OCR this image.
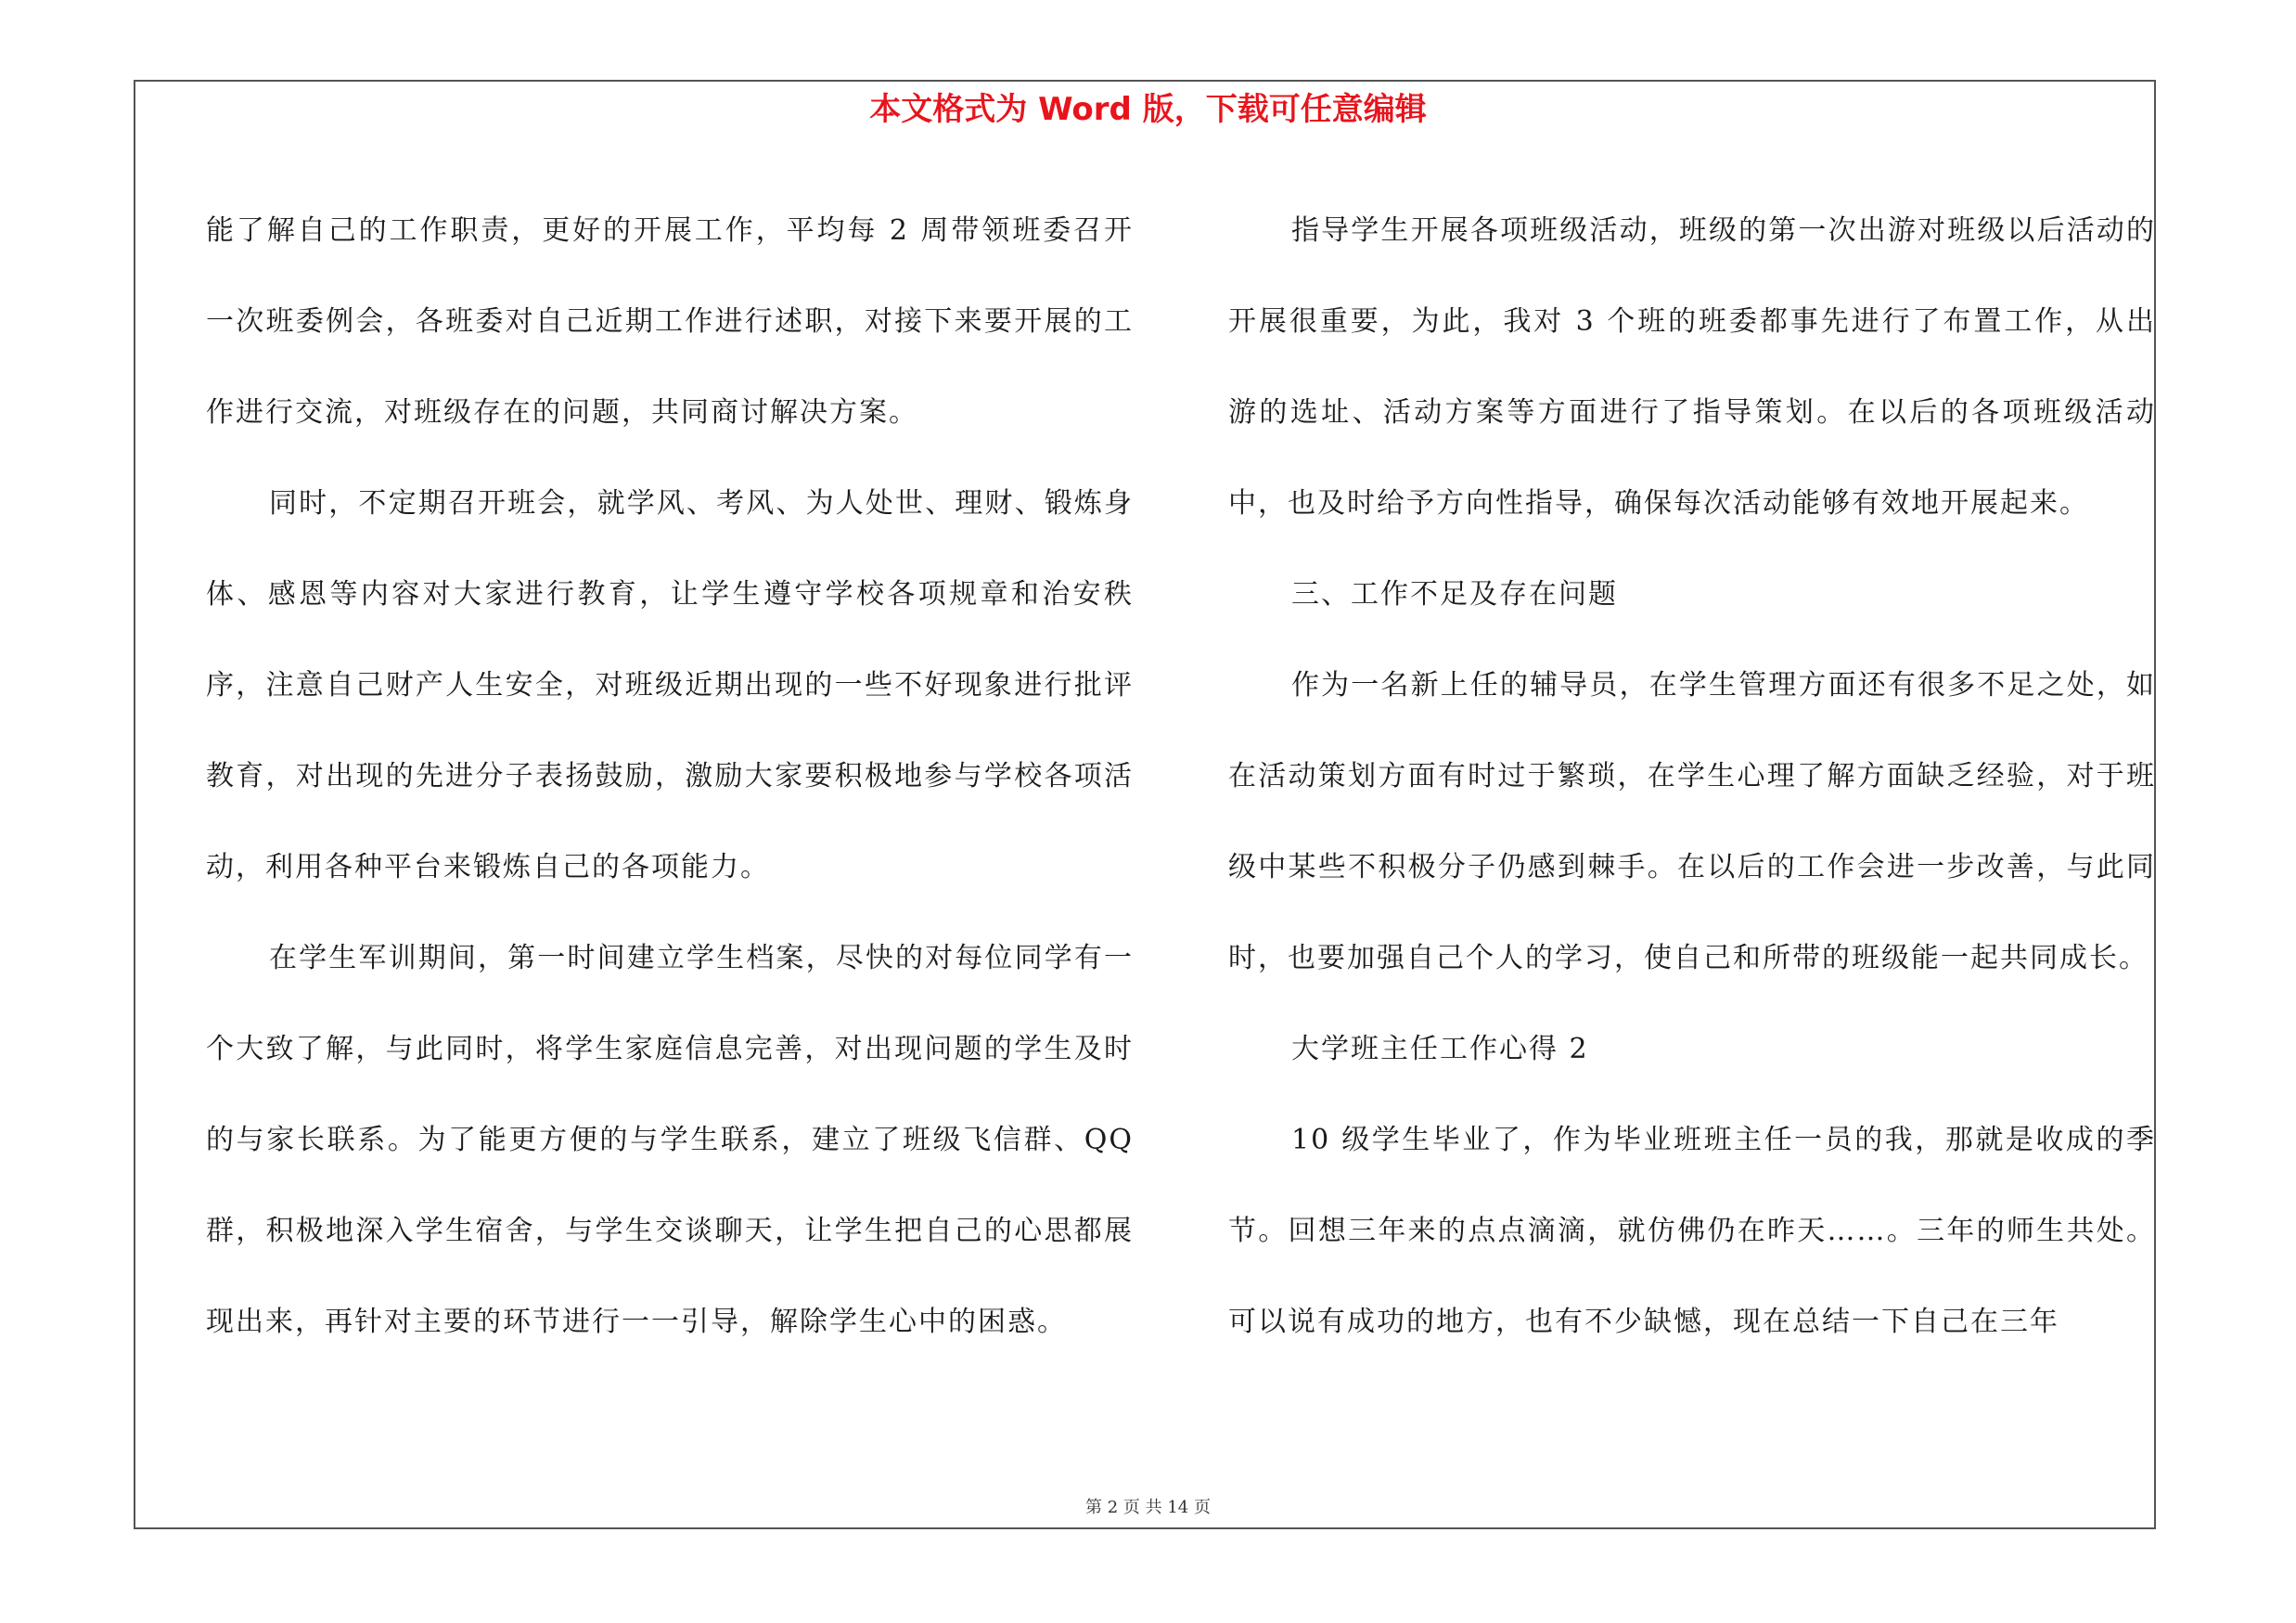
本文格式为 Word 版，下载可任意编辑

能了解自己的工作职责，更好的开展工作，平均每 2 周带领班委召开一次班委例会，各班委对自己近期工作进行述职，对接下来要开展的工作进行交流，对班级存在的问题，共同商讨解决方案。

同时，不定期召开班会，就学风、考风、为人处世、理财、锻炼身体、感恩等内容对大家进行教育，让学生遵守学校各项规章和治安秩序，注意自己财产人生安全，对班级近期出现的一些不好现象进行批评教育，对出现的先进分子表扬鼓励，激励大家要积极地参与学校各项活动，利用各种平台来锻炼自己的各项能力。

在学生军训期间，第一时间建立学生档案，尽快的对每位同学有一个大致了解，与此同时，将学生家庭信息完善，对出现问题的学生及时的与家长联系。为了能更方便的与学生联系，建立了班级飞信群、QQ 群，积极地深入学生宿舍，与学生交谈聊天，让学生把自己的心思都展现出来，再针对主要的环节进行一一引导，解除学生心中的困惑。

指导学生开展各项班级活动，班级的第一次出游对班级以后活动的开展很重要，为此，我对 3 个班的班委都事先进行了布置工作，从出游的选址、活动方案等方面进行了指导策划。在以后的各项班级活动中，也及时给予方向性指导，确保每次活动能够有效地开展起来。

三、工作不足及存在问题

作为一名新上任的辅导员，在学生管理方面还有很多不足之处，如在活动策划方面有时过于繁琐，在学生心理了解方面缺乏经验，对于班级中某些不积极分子仍感到棘手。在以后的工作会进一步改善，与此同时，也要加强自己个人的学习，使自己和所带的班级能一起共同成长。

大学班主任工作心得 2

10 级学生毕业了，作为毕业班班主任一员的我，那就是收成的季节。回想三年来的点点滴滴，就仿佛仍在昨天……。三年的师生共处。可以说有成功的地方，也有不少缺憾，现在总结一下自己在三年

第 2 页 共 14 页
